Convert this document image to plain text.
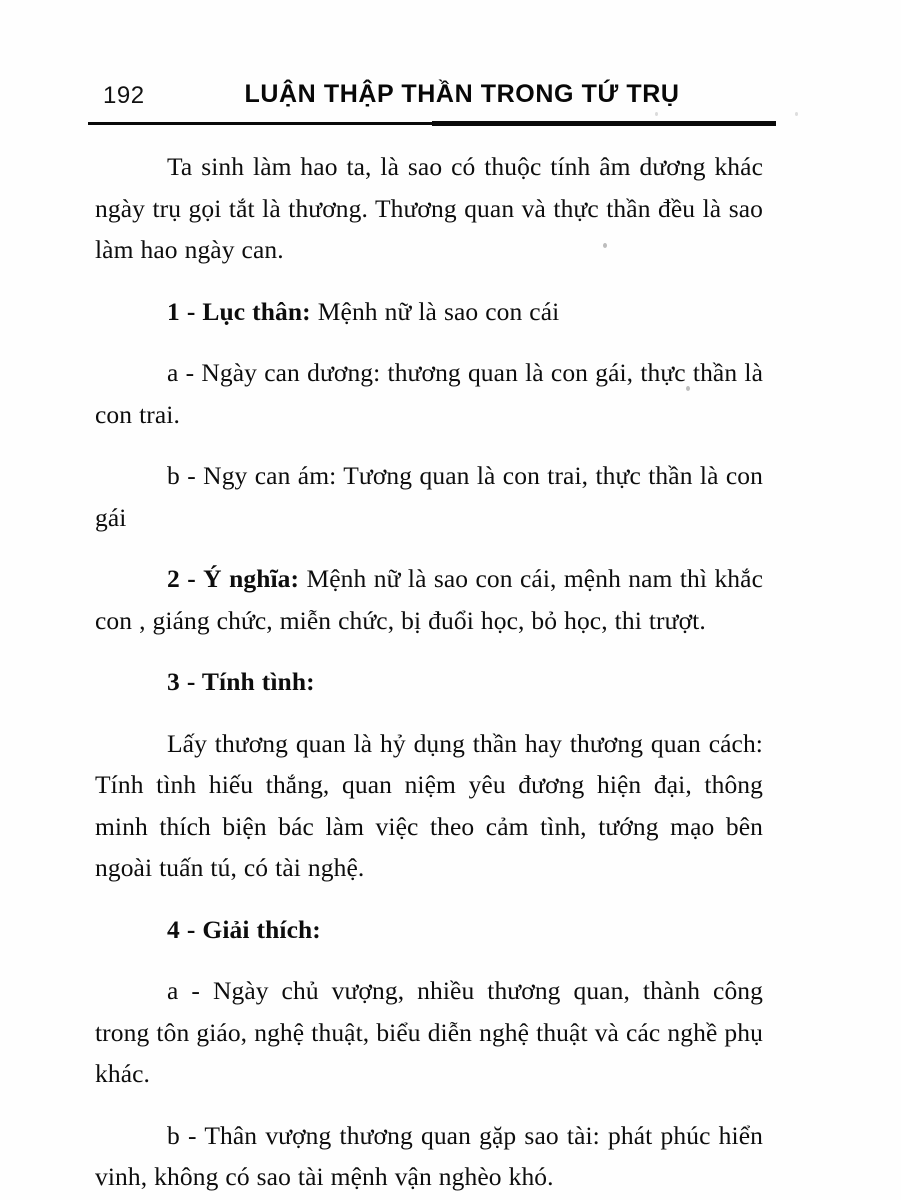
192	LUẬN THẬP THẦN TRONG TỨ TRỤ

Ta sinh làm hao ta, là sao có thuộc tính âm dương khác ngày trụ gọi tắt là thương. Thương quan và thực thần đều là sao làm hao ngày can.

1 - Lục thân: Mệnh nữ là sao con cái

a - Ngày can dương: thương quan là con gái, thực thần là con trai.

b - Ngy can ám: Tương quan là con trai, thực thần là con gái

2 - Ý nghĩa: Mệnh nữ là sao con cái, mệnh nam thì khắc con , giáng chức, miễn chức, bị đuổi học, bỏ học, thi trượt.

3 - Tính tình:

Lấy thương quan là hỷ dụng thần hay thương quan cách: Tính tình hiếu thắng, quan niệm yêu đương hiện đại, thông minh thích biện bác làm việc theo cảm tình, tướng mạo bên ngoài tuấn tú, có tài nghệ.

4 - Giải thích:

a - Ngày chủ vượng, nhiều thương quan, thành công trong tôn giáo, nghệ thuật, biểu diễn nghệ thuật và các nghề phụ khác.

b - Thân vượng thương quan gặp sao tài: phát phúc hiển vinh, không có sao tài mệnh vận nghèo khó.
